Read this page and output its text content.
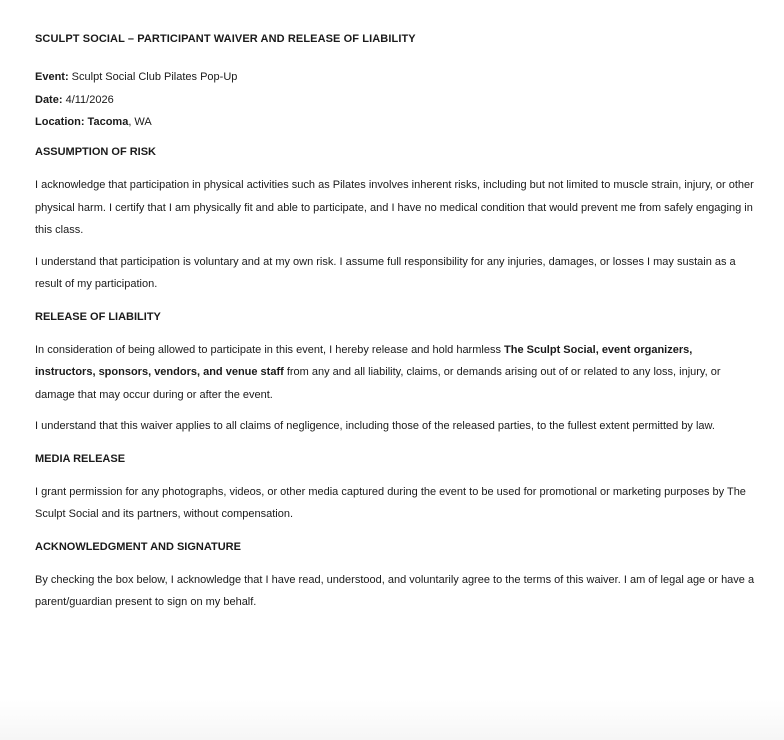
SCULPT SOCIAL – PARTICIPANT WAIVER AND RELEASE OF LIABILITY
Event: Sculpt Social Club Pilates Pop-Up
Date: 4/11/2026
Location: Tacoma, WA
ASSUMPTION OF RISK

I acknowledge that participation in physical activities such as Pilates involves inherent risks, including but not limited to muscle strain, injury, or other physical harm. I certify that I am physically fit and able to participate, and I have no medical condition that would prevent me from safely engaging in this class.

I understand that participation is voluntary and at my own risk. I assume full responsibility for any injuries, damages, or losses I may sustain as a result of my participation.

RELEASE OF LIABILITY

In consideration of being allowed to participate in this event, I hereby release and hold harmless The Sculpt Social, event organizers, instructors, sponsors, vendors, and venue staff from any and all liability, claims, or demands arising out of or related to any loss, injury, or damage that may occur during or after the event.

I understand that this waiver applies to all claims of negligence, including those of the released parties, to the fullest extent permitted by law.

MEDIA RELEASE

I grant permission for any photographs, videos, or other media captured during the event to be used for promotional or marketing purposes by The Sculpt Social and its partners, without compensation.

ACKNOWLEDGMENT AND SIGNATURE

By checking the box below, I acknowledge that I have read, understood, and voluntarily agree to the terms of this waiver. I am of legal age or have a parent/guardian present to sign on my behalf.
